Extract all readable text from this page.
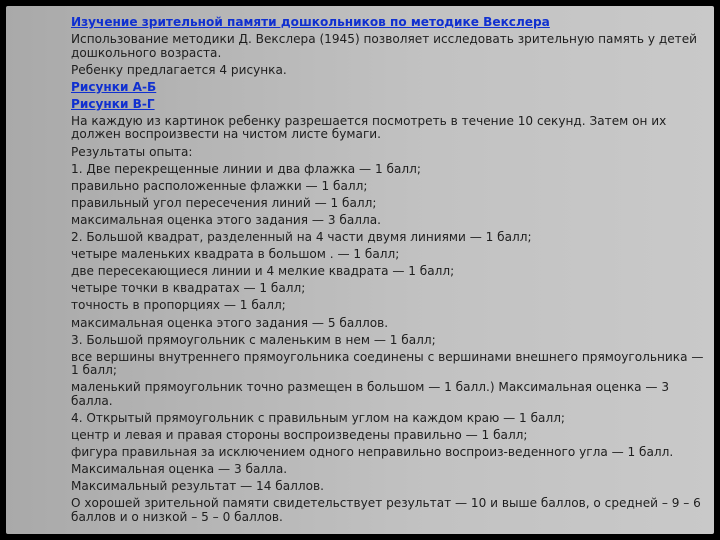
Изучение зрительной памяти дошкольников по методике Векслера
Использование методики Д. Векслера (1945) позволяет исследовать зрительную память у детей дошкольного возраста.
Ребенку предлагается 4 рисунка.
Рисунки А-Б
Рисунки В-Г
На каждую из картинок ребенку разрешается посмотреть в течение 10 секунд. Затем он их должен воспроизвести на чистом листе бумаги.
Результаты опыта:
1. Две перекрещенные линии и два флажка — 1 балл;
правильно расположенные флажки — 1 балл;
правильный угол пересечения линий — 1 балл;
максимальная оценка этого задания — 3 балла.
2. Большой квадрат, разделенный на 4 части двумя линиями — 1 балл;
четыре маленьких квадрата в большом . — 1 балл;
две пересекающиеся линии и 4 мелкие квадрата — 1 балл;
четыре точки в квадратах — 1 балл;
точность в пропорциях — 1 балл;
максимальная оценка этого задания — 5 баллов.
3. Большой прямоугольник с маленьким в нем — 1 балл;
все вершины внутреннего прямоугольника соединены с вершинами внешнего прямоугольника — 1 балл;
маленький прямоугольник точно размещен в большом — 1 балл.) Максимальная оценка — 3 балла.
4. Открытый прямоугольник с правильным углом на каждом краю — 1 балл;
центр и левая и правая стороны воспроизведены правильно — 1 балл;
фигура правильная за исключением одного неправильно воспроиз-веденного угла — 1 балл.
Максимальная оценка — 3 балла.
Максимальный результат — 14 баллов.
О хорошей зрительной памяти свидетельствует результат — 10 и выше баллов, о средней – 9 – 6 баллов и о низкой – 5 – 0 баллов.
